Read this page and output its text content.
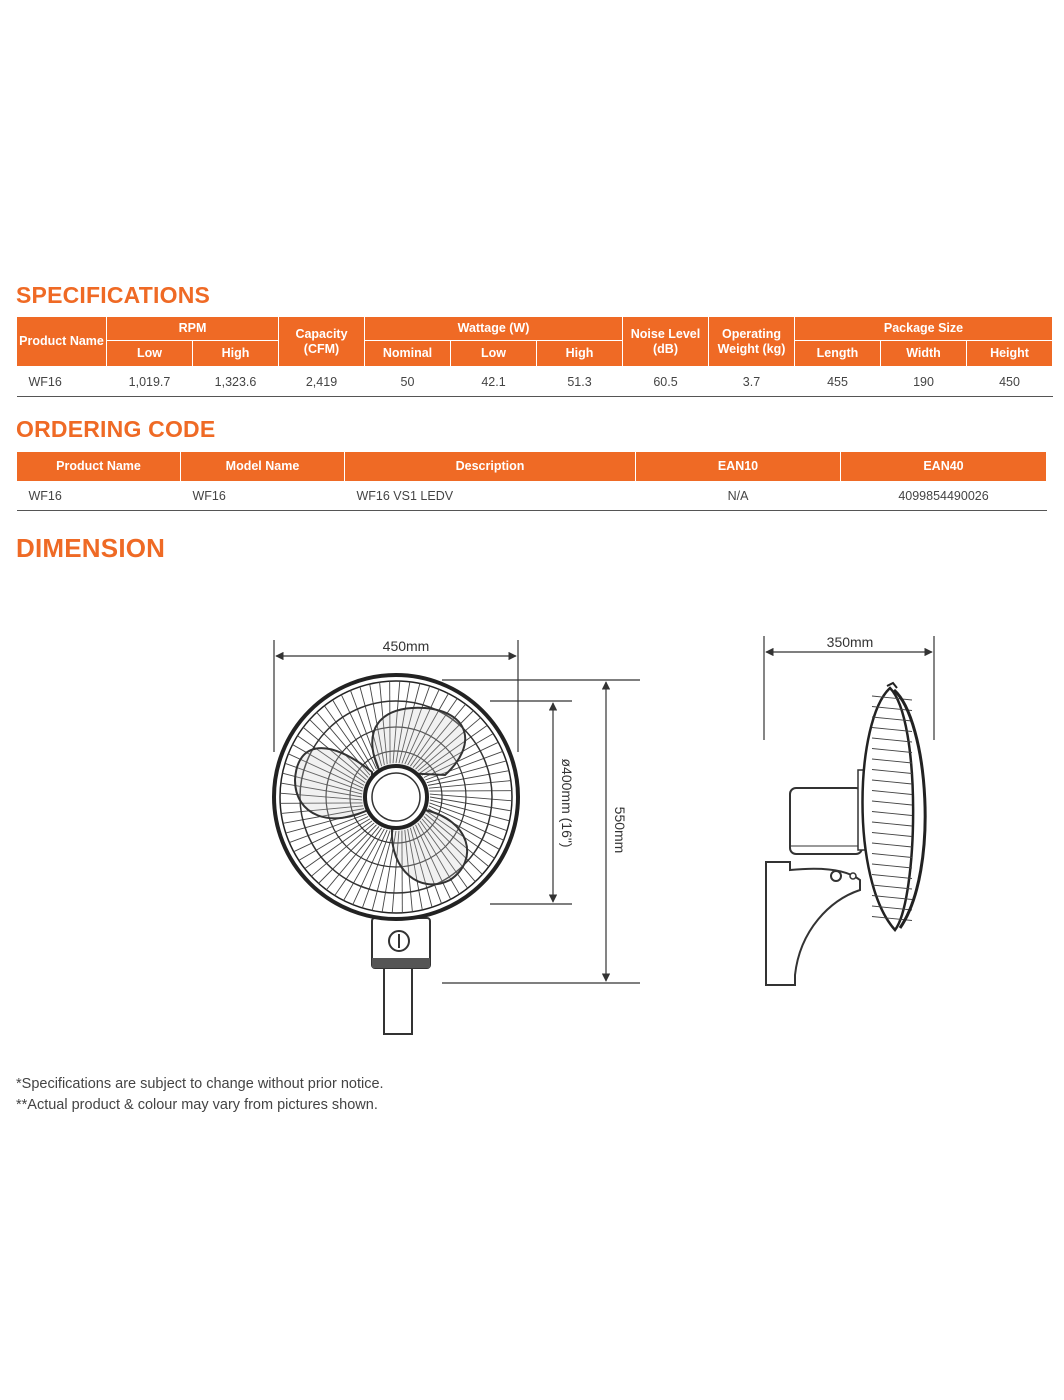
SPECIFICATIONS
Product Name	RPM		Capacity (CFM)	Wattage (W)			Noise Level (dB)	Operating Weight (kg)	Package Size		
	Low	High		Nominal	Low	High			Length	Width	Height
WF16	1,019.7	1,323.6	2,419	50	42.1	51.3	60.5	3.7	455	190	450
ORDERING CODE
Product Name	Model Name	Description	EAN10	EAN40
WF16	WF16	WF16 VS1 LEDV	N/A	4099854490026
DIMENSION
450mm
ø400mm (16")	550mm
350mm

*Specifications are subject to change without prior notice.

**Actual product & colour may vary from pictures shown.
